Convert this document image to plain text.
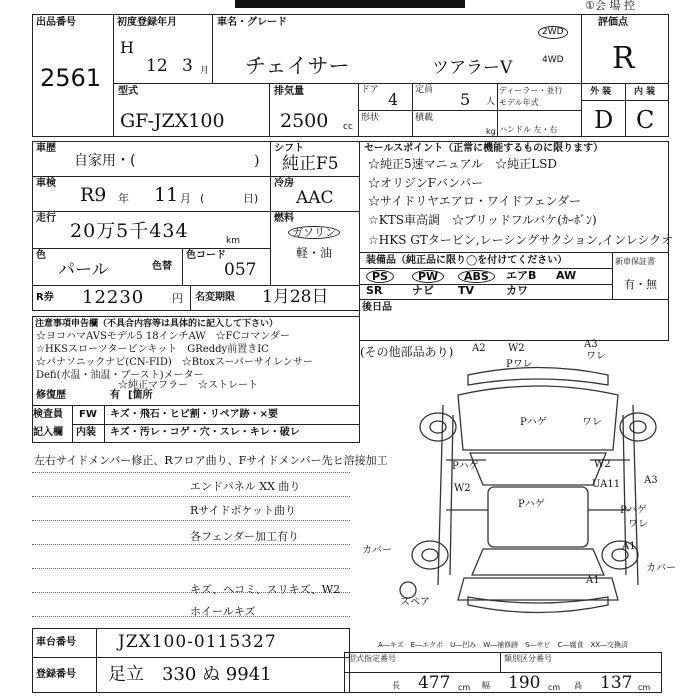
①会 場 控
出品番号
2561
初度登録年月
H
12 3 月
車名・グレード
チェイサー	ツアラーV
2WD
4WD
評価点
R
型式
GF-JZX100
排気量
2500 cc
ドア 4 定員 5 人
ディーラー・並行
モデル年式
形状	積載
kg ハンドル 左・右
外 装	内 装
D C
車歴
自家用・(	)
車検
R9 年 11 月 (	日)
走行
20万5千434	km
色
パール	色替
色コード
057
シフト
純正F5
冷房
AAC
燃料
ガソリン
軽・油
R券 12230	円 名変期限 1月28日
セールスポイント（正常に機能するものに限ります）
☆純正5速マニュアル　☆純正LSD
☆オリジンFバンパー
☆サイドリヤエアロ・ワイドフェンダー
☆KTS車高調　☆ブリッドフルバケ(ｶｰﾎﾞﾝ)
☆HKS GTタービン,レーシングサクション,インレシクオ
装備品（純正品に限り◯を付けてください）	新車保証書
有・無
PS	PW	ABS	エアB AW
SR	ナビ TV	カワ
注意事項申告欄（不具合内容等は具体的に記入して下さい）
☆ヨコハマAVSモデル5 18インチAW　☆FCコマンダー
☆HKSスローツタービンキット　GReddy前置きIC
☆パナソニックナビ(CN-FID)　☆Btoxスーパーサイレンサー
Defi(水温・油温・ブースト)メーター
☆純正マフラー　☆ストレート
修復歴	有 [箇所
後日品
(その他部品あり)
検査員
記入欄
FW キズ・飛石・ヒビ割・リペア跡・×要
内装 キズ・汚レ・コゲ・穴・スレ・キレ・破レ
左右サイドメンバー修正、Rフロア曲り、Fサイドメンバー先ヒ溶接加工
エンドパネル XX 曲り
Rサイドポケット曲り
各フェンダー加工有り
キズ、ヘコミ、スリキズ、W2
ホイールキズ
A2 W2	A3
Pワレ
ワレ
Pハゲ
Pハゲ
W2
ワレ
Pハゲ
W2
A3
UA11
Pハゲ
ワレ
カバー
A1
カバー
A1
スペア
A―キズ　E―エクボ　U―凹み　W―補修跡　S―サビ　C―腐食　XX―交換済
車台番号 JZX100-0115327
登録番号 足立　330 ぬ 9941
型式指定番号	類別区分番号
長 477 cm 幅 190 cm 高 137 cm
